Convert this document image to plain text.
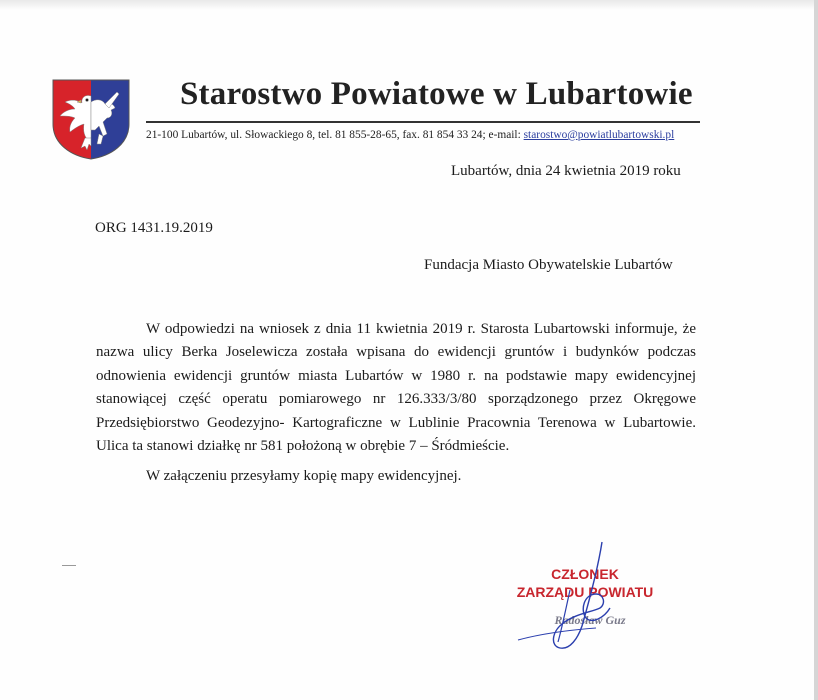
Starostwo Powiatowe w Lubartowie
21-100 Lubartów, ul. Słowackiego 8, tel. 81 855-28-65, fax. 81 854 33 24; e-mail: starostwo@powiatlubartowski.pl
Lubartów, dnia 24 kwietnia 2019 roku
ORG 1431.19.2019
Fundacja Miasto Obywatelskie Lubartów

W odpowiedzi na wniosek z dnia 11 kwietnia 2019 r. Starosta Lubartowski informuje, że nazwa ulicy Berka Joselewicza została wpisana do ewidencji gruntów i budynków podczas odnowienia ewidencji gruntów miasta Lubartów w 1980 r. na podstawie mapy ewidencyjnej stanowiącej część operatu pomiarowego nr 126.333/3/80 sporządzonego przez Okręgowe Przedsiębiorstwo Geodezyjno- Kartograficzne w Lublinie Pracownia Terenowa w Lubartowie. Ulica ta stanowi działkę nr 581 położoną w obrębie 7 – Śródmieście.

W załączeniu przesyłamy kopię mapy ewidencyjnej.

CZŁONEK
ZARZĄDU POWIATU
Radosław Guz
